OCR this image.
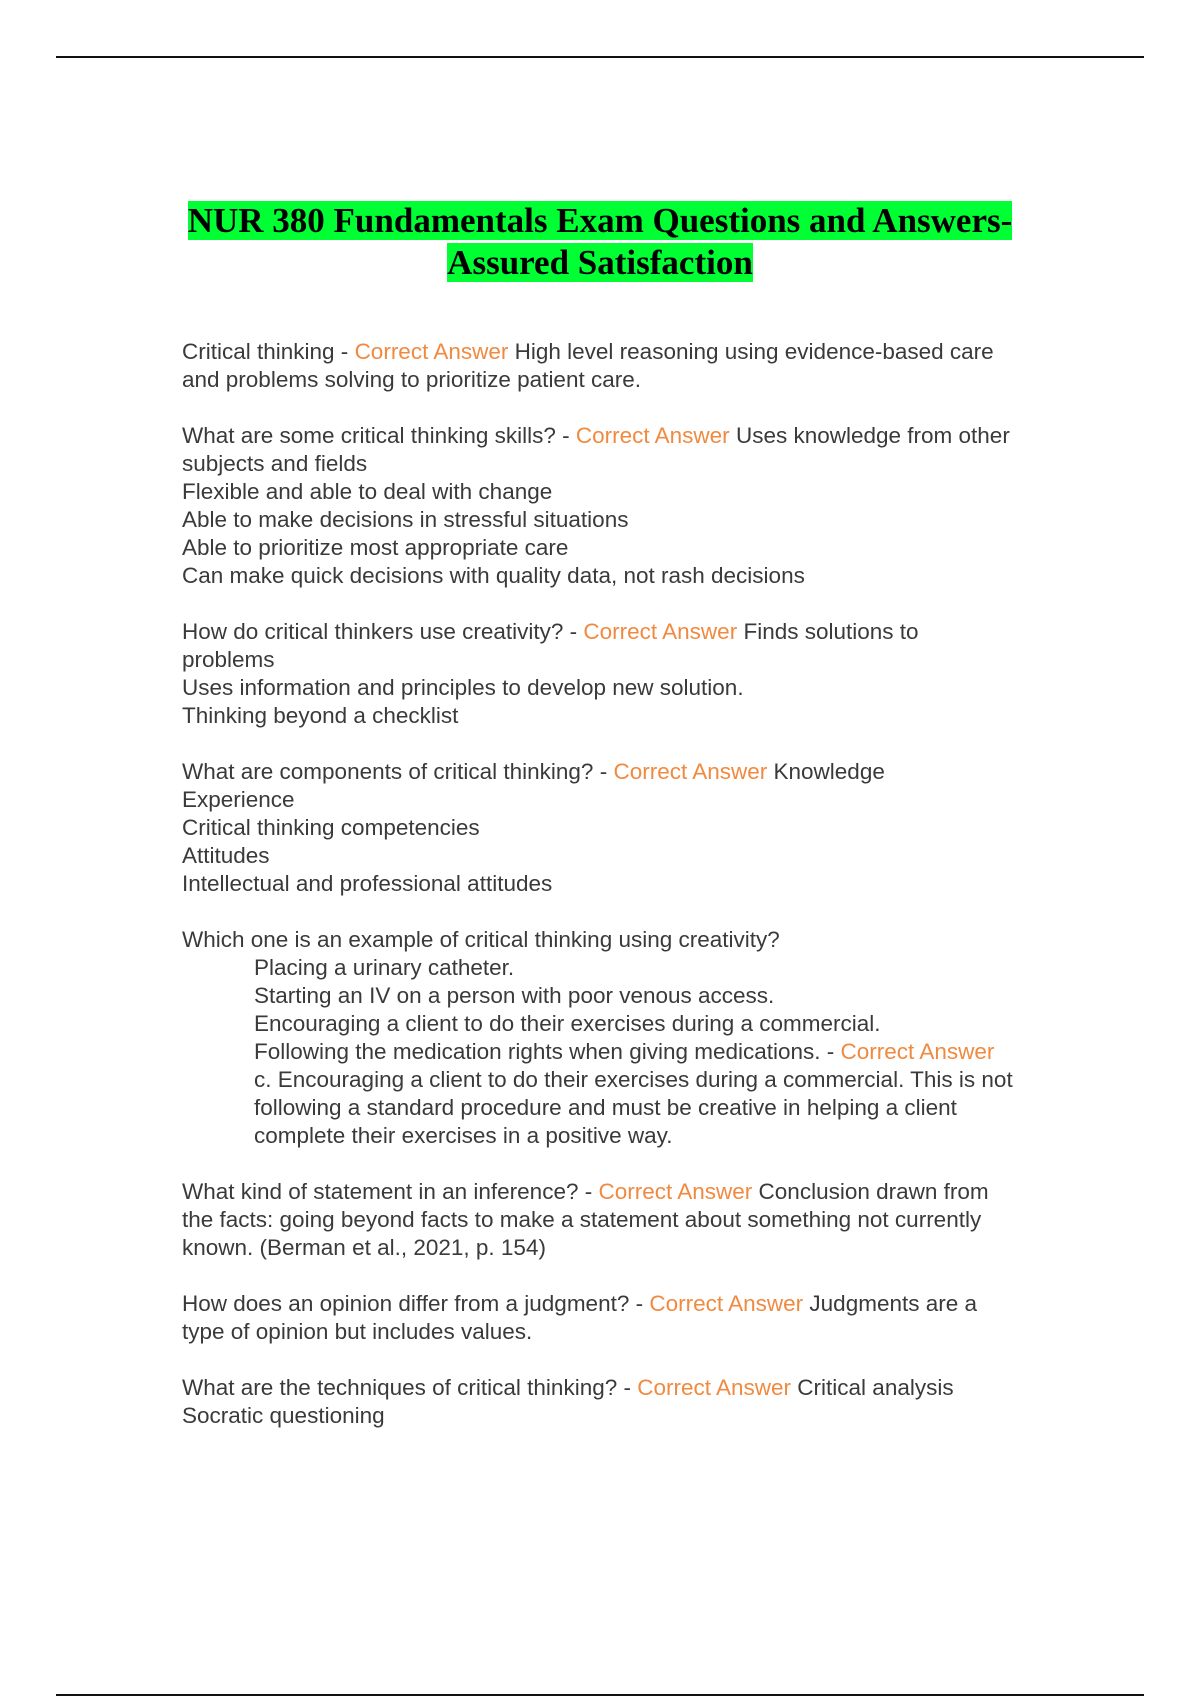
NUR 380 Fundamentals Exam Questions and Answers-
Assured Satisfaction
Critical thinking - Correct Answer High level reasoning using evidence-based care
and problems solving to prioritize patient care.
What are some critical thinking skills? - Correct Answer Uses knowledge from other
subjects and fields
Flexible and able to deal with change
Able to make decisions in stressful situations
Able to prioritize most appropriate care
Can make quick decisions with quality data, not rash decisions
How do critical thinkers use creativity? - Correct Answer Finds solutions to
problems
Uses information and principles to develop new solution.
Thinking beyond a checklist
What are components of critical thinking? - Correct Answer Knowledge
Experience
Critical thinking competencies
Attitudes
Intellectual and professional attitudes
Which one is an example of critical thinking using creativity?
Placing a urinary catheter.
Starting an IV on a person with poor venous access.
Encouraging a client to do their exercises during a commercial.
Following the medication rights when giving medications. - Correct Answer
c. Encouraging a client to do their exercises during a commercial. This is not
following a standard procedure and must be creative in helping a client
complete their exercises in a positive way.
What kind of statement in an inference? - Correct Answer Conclusion drawn from
the facts: going beyond facts to make a statement about something not currently
known. (Berman et al., 2021, p. 154)
How does an opinion differ from a judgment? - Correct Answer Judgments are a
type of opinion but includes values.
What are the techniques of critical thinking? - Correct Answer Critical analysis
Socratic questioning
